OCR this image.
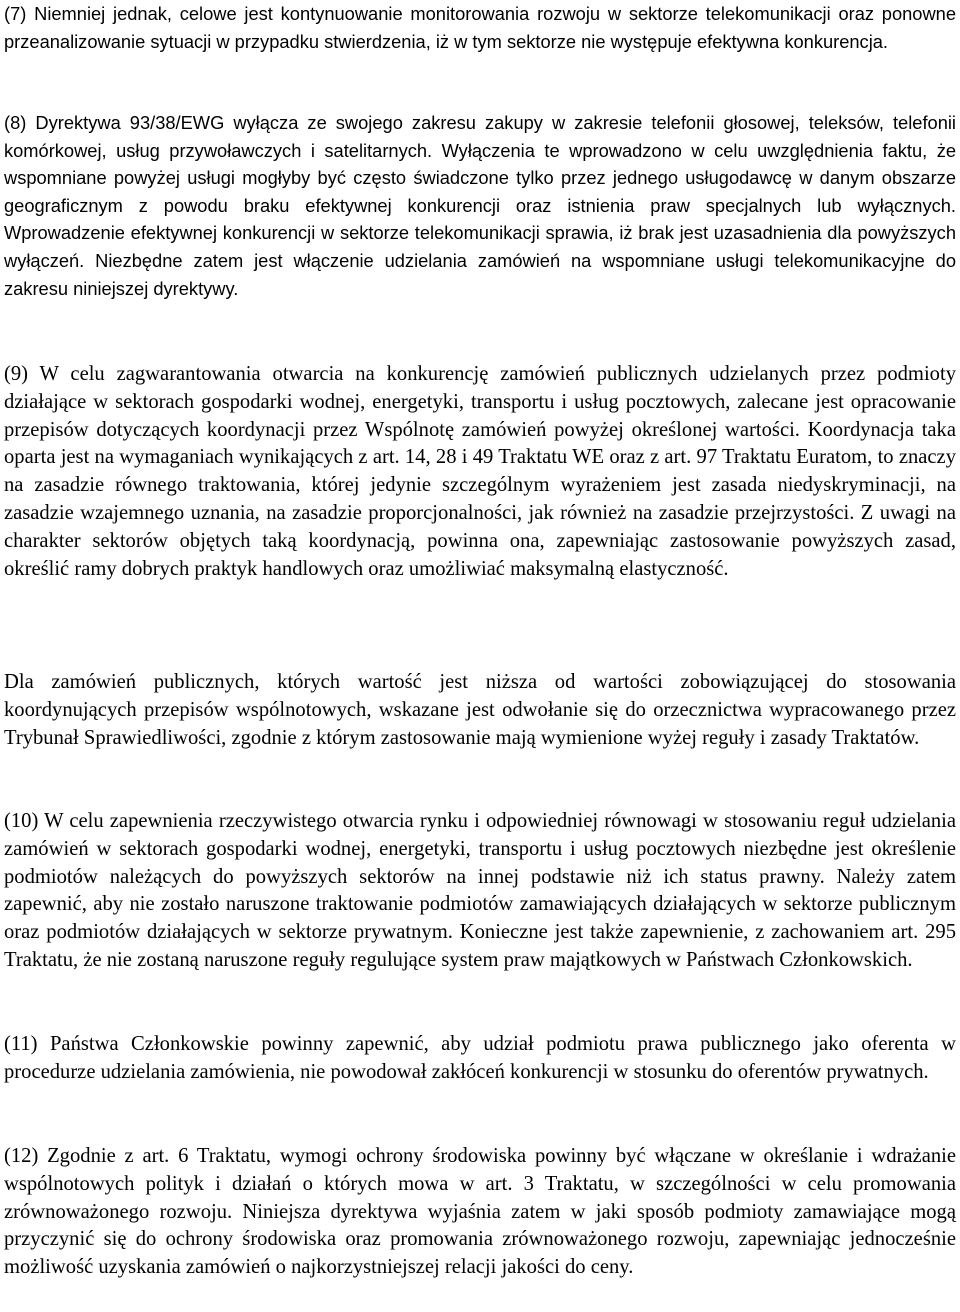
(7) Niemniej jednak, celowe jest kontynuowanie monitorowania rozwoju w sektorze telekomunikacji oraz ponowne przeanalizowanie sytuacji w przypadku stwierdzenia, iż w tym sektorze nie występuje efektywna konkurencja.

(8) Dyrektywa 93/38/EWG wyłącza ze swojego zakresu zakupy w zakresie telefonii głosowej, teleksów, telefonii komórkowej, usług przywoławczych i satelitarnych. Wyłączenia te wprowadzono w celu uwzględnienia faktu, że wspomniane powyżej usługi mogłyby być często świadczone tylko przez jednego usługodawcę w danym obszarze geograficznym z powodu braku efektywnej konkurencji oraz istnienia praw specjalnych lub wyłącznych. Wprowadzenie efektywnej konkurencji w sektorze telekomunikacji sprawia, iż brak jest uzasadnienia dla powyższych wyłączeń. Niezbędne zatem jest włączenie udzielania zamówień na wspomniane usługi telekomunikacyjne do zakresu niniejszej dyrektywy.

(9) W celu zagwarantowania otwarcia na konkurencję zamówień publicznych udzielanych przez podmioty działające w sektorach gospodarki wodnej, energetyki, transportu i usług pocztowych, zalecane jest opracowanie przepisów dotyczących koordynacji przez Wspólnotę zamówień powyżej określonej wartości. Koordynacja taka oparta jest na wymaganiach wynikających z art. 14, 28 i 49 Traktatu WE oraz z art. 97 Traktatu Euratom, to znaczy na zasadzie równego traktowania, której jedynie szczególnym wyrażeniem jest zasada niedyskryminacji, na zasadzie wzajemnego uznania, na zasadzie proporcjonalności, jak również na zasadzie przejrzystości. Z uwagi na charakter sektorów objętych taką koordynacją, powinna ona, zapewniając zastosowanie powyższych zasad, określić ramy dobrych praktyk handlowych oraz umożliwiać maksymalną elastyczność.

Dla zamówień publicznych, których wartość jest niższa od wartości zobowiązującej do stosowania koordynujących przepisów wspólnotowych, wskazane jest odwołanie się do orzecznictwa wypracowanego przez Trybunał Sprawiedliwości, zgodnie z którym zastosowanie mają wymienione wyżej reguły i zasady Traktatów.

(10) W celu zapewnienia rzeczywistego otwarcia rynku i odpowiedniej równowagi w stosowaniu reguł udzielania zamówień w sektorach gospodarki wodnej, energetyki, transportu i usług pocztowych niezbędne jest określenie podmiotów należących do powyższych sektorów na innej podstawie niż ich status prawny. Należy zatem zapewnić, aby nie zostało naruszone traktowanie podmiotów zamawiających działających w sektorze publicznym oraz podmiotów działających w sektorze prywatnym. Konieczne jest także zapewnienie, z zachowaniem art. 295 Traktatu, że nie zostaną naruszone reguły regulujące system praw majątkowych w Państwach Członkowskich.

(11) Państwa Członkowskie powinny zapewnić, aby udział podmiotu prawa publicznego jako oferenta w procedurze udzielania zamówienia, nie powodował zakłóceń konkurencji w stosunku do oferentów prywatnych.

(12) Zgodnie z art. 6 Traktatu, wymogi ochrony środowiska powinny być włączane w określanie i wdrażanie wspólnotowych polityk i działań o których mowa w art. 3 Traktatu, w szczególności w celu promowania zrównoważonego rozwoju. Niniejsza dyrektywa wyjaśnia zatem w jaki sposób podmioty zamawiające mogą przyczynić się do ochrony środowiska oraz promowania zrównoważonego rozwoju, zapewniając jednocześnie możliwość uzyskania zamówień o najkorzystniejszej relacji jakości do ceny.
